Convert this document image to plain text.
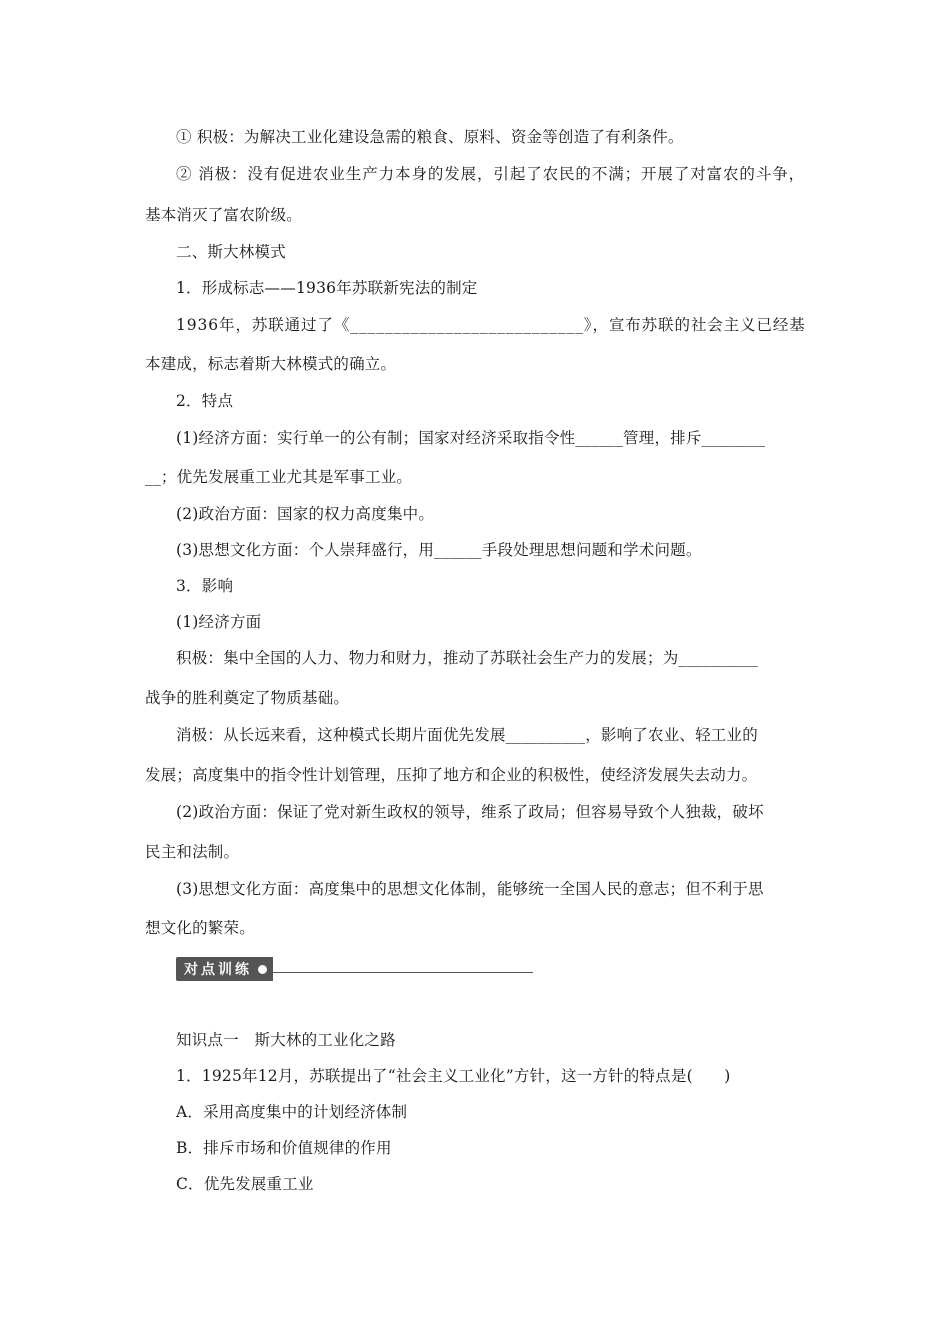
① 积极：为解决工业化建设急需的粮食、原料、资金等创造了有利条件。
② 消极：没有促进农业生产力本身的发展，引起了农民的不满；开展了对富农的斗争，
基本消灭了富农阶级。
二、斯大林模式
1．形成标志——1936年苏联新宪法的制定
1936年，苏联通过了《___________________________》，宣布苏联的社会主义已经基
本建成，标志着斯大林模式的确立。
2．特点
(1)经济方面：实行单一的公有制；国家对经济采取指令性______管理，排斥________
__；优先发展重工业尤其是军事工业。
(2)政治方面：国家的权力高度集中。
(3)思想文化方面：个人崇拜盛行，用______手段处理思想问题和学术问题。
3．影响
(1)经济方面
积极：集中全国的人力、物力和财力，推动了苏联社会生产力的发展；为__________
战争的胜利奠定了物质基础。
消极：从长远来看，这种模式长期片面优先发展__________，影响了农业、轻工业的
发展；高度集中的指令性计划管理，压抑了地方和企业的积极性，使经济发展失去动力。
(2)政治方面：保证了党对新生政权的领导，维系了政局；但容易导致个人独裁，破坏
民主和法制。
(3)思想文化方面：高度集中的思想文化体制，能够统一全国人民的意志；但不利于思
想文化的繁荣。
对点训练
知识点一　斯大林的工业化之路
1．1925年12月，苏联提出了“社会主义工业化”方针，这一方针的特点是(　　)
A．采用高度集中的计划经济体制
B．排斥市场和价值规律的作用
C．优先发展重工业
